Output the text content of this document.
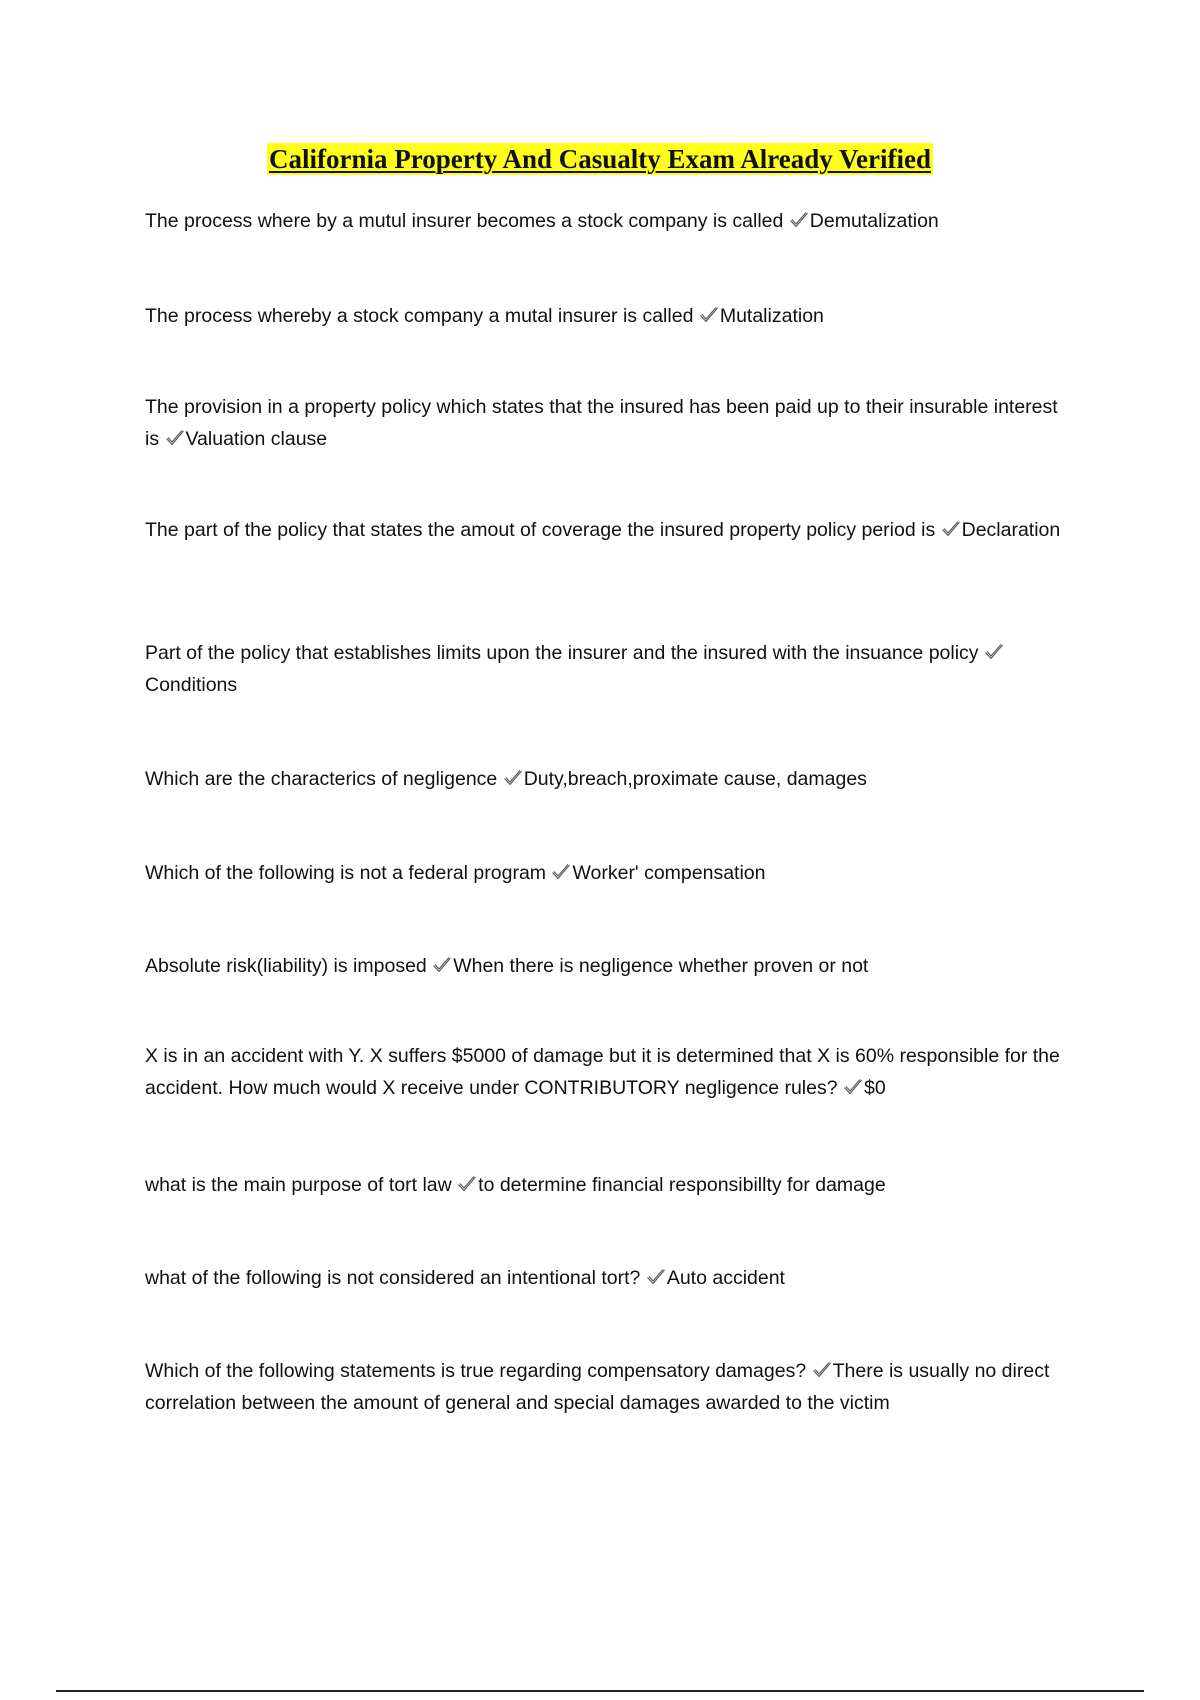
California Property And Casualty Exam Already Verified

The process where by a mutul insurer becomes a stock company is called
Demutalization

The process whereby a stock company a mutal insurer is called
Mutalization

The provision in a property policy which states that the insured has been paid up to their insurable interest is
Valuation clause

The part of the policy that states the amout of coverage the insured property policy period is
Declaration

Part of the policy that establishes limits upon the insurer and the insured with the insuance policy
Conditions

Which are the characterics of negligence
Duty,breach,proximate cause, damages

Which of the following is not a federal program
Worker' compensation

Absolute risk(liability) is imposed
When there is negligence whether proven or not

X is in an accident with Y. X suffers $5000 of damage but it is determined that X is 60% responsible for the accident. How much would X receive under CONTRIBUTORY negligence rules?
$0

what is the main purpose of tort law
to determine financial responsibillty for damage

what of the following is not considered an intentional tort?
Auto accident

Which of the following statements is true regarding compensatory damages?
There is usually no direct correlation between the amount of general and special damages awarded to the victim
